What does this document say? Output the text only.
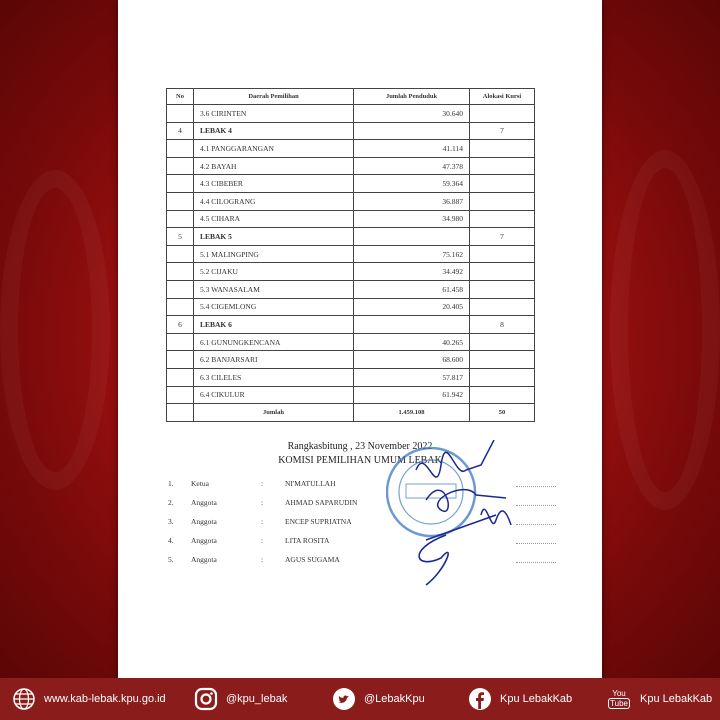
No	Daerah Pemilihan	Jumlah Penduduk	Alokasi Kursi
	3.6 CIRINTEN	30.640	
4	LEBAK 4		7
	4.1 PANGGARANGAN	41.114	
	4.2 BAYAH	47.378	
	4.3 CIBEBER	59.364	
	4.4 CILOGRANG	36.887	
	4.5 CIHARA	34.980	
5	LEBAK 5		7
	5.1 MALINGPING	75.162	
	5.2 CIJAKU	34.492	
	5.3 WANASALAM	61.458	
	5.4 CIGEMLONG	20.405	
6	LEBAK 6		8
	6.1 GUNUNGKENCANA	40.265	
	6.2 BANJARSARI	68.600	
	6.3 CILELES	57.817	
	6.4 CIKULUR	61.942	
	Jumlah	1.459.108	50
Rangkasbitung , 23 November 2022
KOMISI PEMILIHAN UMUM LEBAK
1. Ketua	:	NI'MATULLAH
2. Anggota	:	AHMAD SAPARUDIN
3. Anggota	:	ENCEP SUPRIATNA
4. Anggota	:	LITA ROSITA
5. Anggota	:	AGUS SUGAMA
www.kab-lebak.kpu.go.id	@kpu_lebak	@LebakKpu	Kpu LebakKab	You
Tube Kpu LebakKab
